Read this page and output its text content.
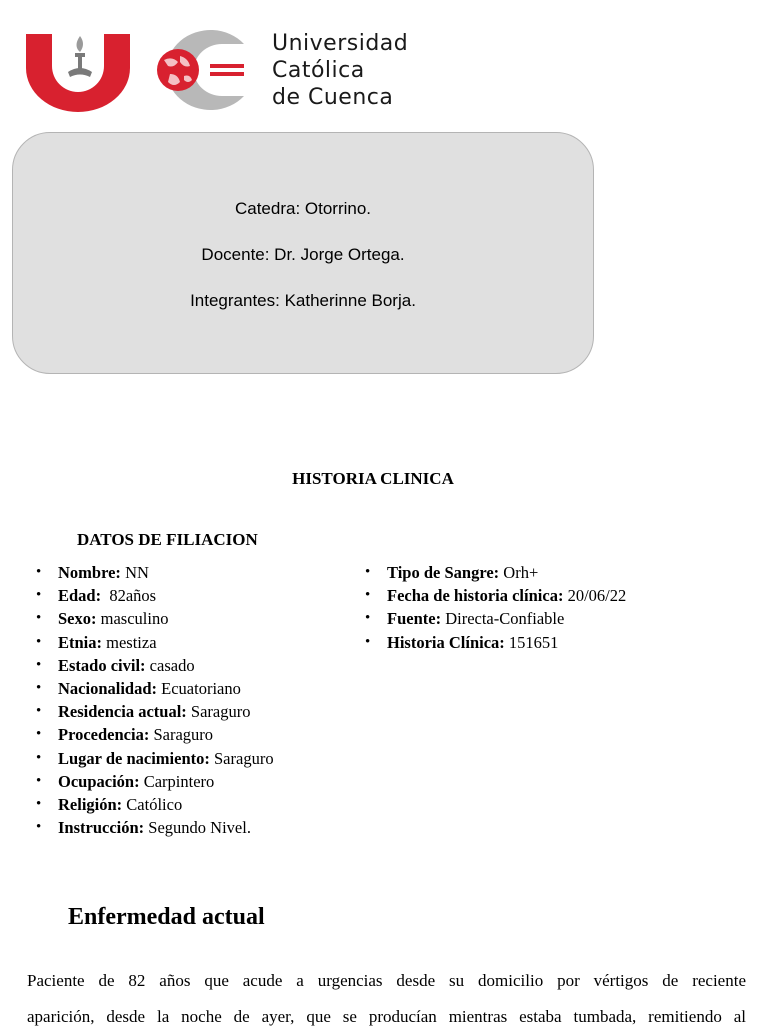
Universidad
Católica
de Cuenca
Catedra: Otorrino.
Docente: Dr. Jorge Ortega.
Integrantes: Katherinne Borja.
HISTORIA CLINICA
DATOS DE FILIACION
• Nombre: NN
• Edad:  82años
• Sexo: masculino
• Etnia: mestiza
• Estado civil: casado
• Nacionalidad: Ecuatoriano
• Residencia actual: Saraguro
• Procedencia: Saraguro
• Lugar de nacimiento: Saraguro
• Ocupación: Carpintero
• Religión: Católico
• Instrucción: Segundo Nivel.
• Tipo de Sangre: Orh+
• Fecha de historia clínica: 20/06/22
• Fuente: Directa-Confiable
• Historia Clínica: 151651
Enfermedad actual
Paciente de 82 años que acude a urgencias desde su domicilio por vértigos de reciente
aparición, desde la noche de ayer, que se producían mientras estaba tumbada, remitiendo al
